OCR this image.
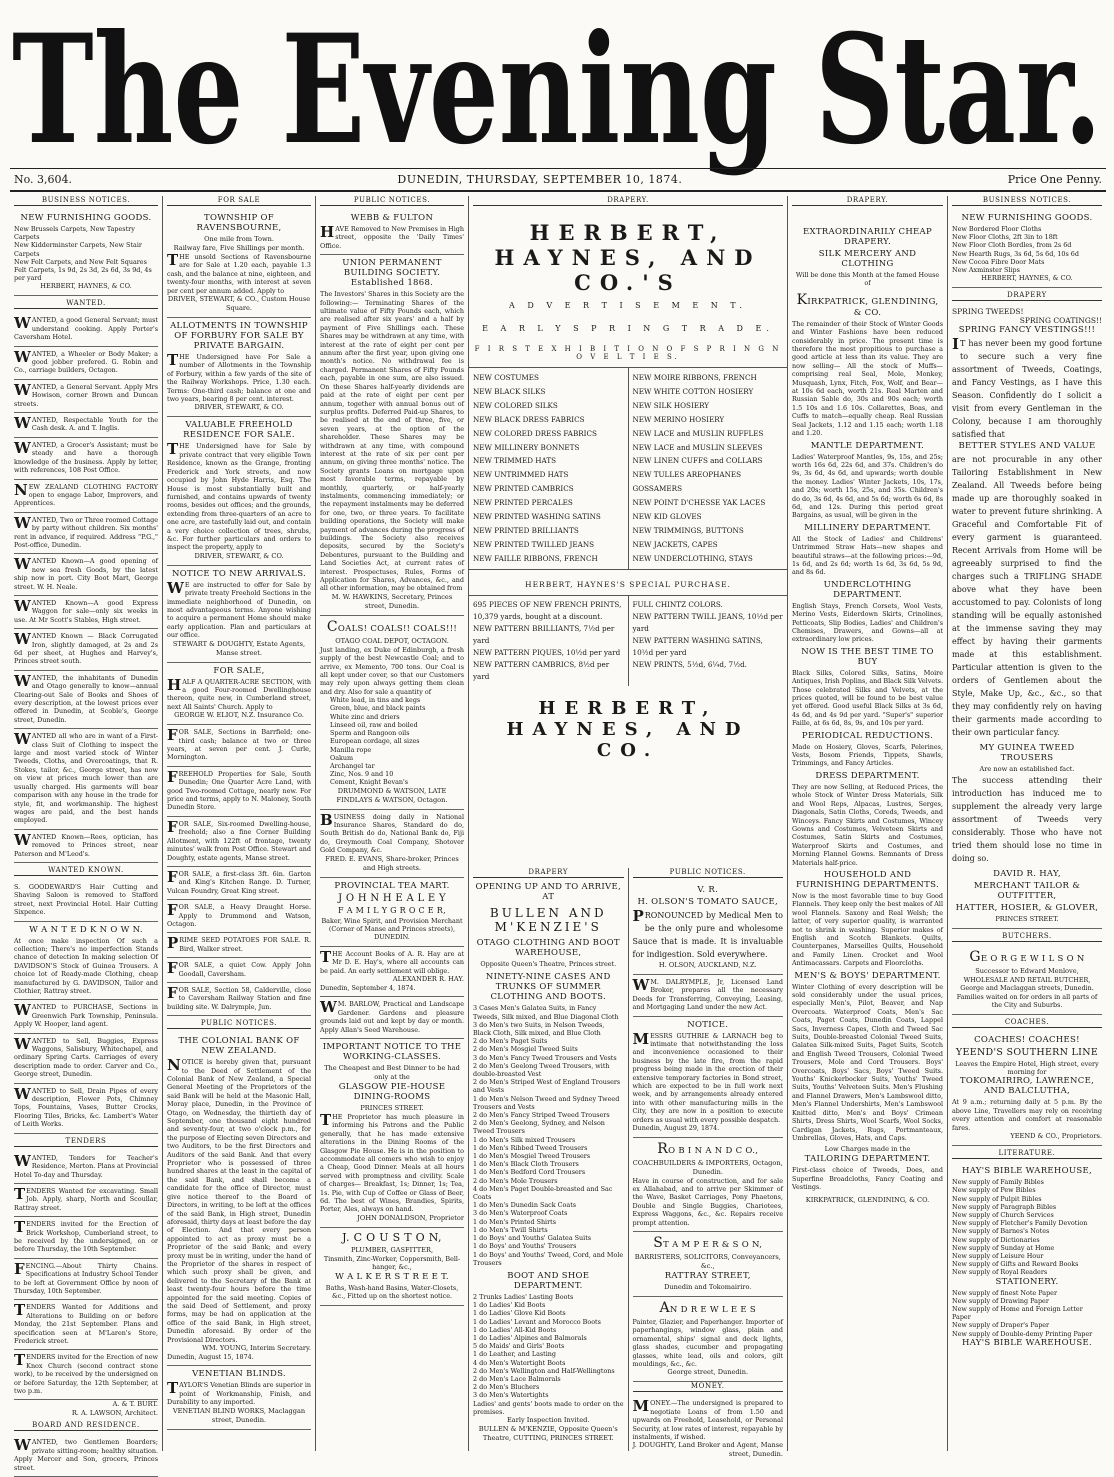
The Evening Star.
No. 3,604.	DUNEDIN, THURSDAY, SEPTEMBER 10, 1874.	Price One Penny.
BUSINESS NOTICES.
NEW FURNISHING GOODS.
New Brussels Carpets, New Tapestry Carpets
New Kidderminster Carpets, New Stair Carpets
New Felt Carpets, and New Felt Squares
Felt Carpets, 1s 9d, 2s 3d, 2s 6d, 3s 9d, 4s per yard
HERBERT, HAYNES, & CO.
WANTED.
WANTED, a good General Servant; must understand cooking. Apply Porter's Caversham Hotel.
WANTED, a Wheeler or Body Maker; a good jobber prefered. G. Robin and Co., carriage builders, Octagon.
WANTED, a General Servant. Apply Mrs Howison, corner Brown and Duncan streets.
WANTED, Respectable Youth for the Cash desk. A. and T. Inglis.
WANTED, a Grocer's Assistant; must be steady and have a thorough knowledge of the business. Apply by letter, with references, 108 Post Office.
NEW ZEALAND CLOTHING FACTORY open to engage Labor, Improvers, and Apprentices.
WANTED, Two or Three roomed Cottage by party without children. Six months' rent in advance, if required. Address "P.G.," Post-office, Dunedin.
WANTED Known—A good opening of new sea fresh Goods, by the latest ship now in port. City Boot Mart, George street. W. H. Neale.
WANTED Known—A good Express Waggon for sale—only six weeks in use. At Mr Scott's Stables, High street.
WANTED Known — Black Corrugated Iron, slightly damaged, at 2s and 2s 6d per sheet, at Hughes and Harvey's, Princes street south.
WANTED, the inhabitants of Dunedin and Otago generally to know—annual Clearing-out Sale of Books and Shoes of every description, at the lowest prices ever offered in Dunedin, at Scoble's, George street, Dunedin.
WANTED all who are in want of a First-class Suit of Clothing to inspect the large and most varied stock of Winter Tweeds, Cloths, and Overcoatings, that R. Stokes, tailor, &c., George street, has now on view at prices much lower than are usually charged. His garments will bear comparison with any house in the trade for style, fit, and workmanship. The highest wages are paid, and the best hands employed.
WANTED Known—Rees, optician, has removed to Princes street, near Paterson and M'Leod's.
WANTED KNOWN.
S. GOODEWARD'S Hair Cutting and Shaving Saloon is removed to Stafford street, next Provincial Hotel. Hair Cutting Sixpence.
W A N T E D K N O W N.
At once make inspection Of such a collection; There's no imperfection Stands chance of detection In making selection Of DAVIDSON'S Stock of Guinea Trousers. A choice lot of Ready-made Clothing, cheap manufactured by G. DAVIDSON, Tailor and Clothier, Rattray street.
WANTED to PURCHASE, Sections in Greenwich Park Township, Peninsula. Apply W. Hooper, land agent.
WANTED to Sell, Buggies, Express Waggons, Salisbury, Whitechapel, and ordinary Spring Carts. Carriages of every description made to order. Carver and Co., George street, Dunedin.
WANTED to Sell, Drain Pipes of every description, Flower Pots, Chimney Tops, Fountains, Vases, Butter Crocks, Flooring Tiles, Bricks, &c. Lambert's Water of Leith Works.
TENDERS
WANTED, Tenders for Teacher's Residence, Merton. Plans at Provincial Hotel To-day and Thursday.
TENDERS Wanted for excavating. Small Job. Apply, sharp, North and Scoullar, Rattray street.
TENDERS invited for the Erection of Brick Workshop, Cumberland street, to be received by the undersigned, on or before Thursday, the 10th September.
FENCING.—About Thirty Chains. Specifications at Industry School Tender to be left at Government Office by noon of Thursday, 10th September.
TENDERS Wanted for Additions and Alterations to Building on or before Monday, the 21st September. Plans and specification seen at M'Laren's Store, Frederick street.
TENDERS invited for the Erection of new Knox Church (second contract stone work), to be received by the undersigned on or before Saturday, the 12th September, at two p.m.
A. & T. BURT.
R. A. LAWSON, Architect.
BOARD AND RESIDENCE.
WANTED, two Gentlemen Boarders; private sitting-room; healthy situation. Apply Mercer and Son, grocers, Princes street.
FOR SALE
TOWNSHIP OF RAVENSBOURNE,
One mile from Town.
Railway fare, Five Shillings per month.
THE unsold Sections of Ravensbourne are for Sale at 1.20 each, payable 1.3 cash, and the balance at nine, eighteen, and twenty-four months, with interest at seven per cent per annum added. Apply to
DRIVER, STEWART, & CO., Custom House Square.
ALLOTMENTS IN TOWNSHIP OF FORBURY FOR SALE BY PRIVATE BARGAIN.
THE Undersigned have For Sale a number of Allotments in the Township of Forbury, within a few yards of the site of the Railway Workshops. Price, 1.30 each. Terms: One-third cash; balance at one and two years, bearing 8 per cent. interest.
DRIVER, STEWART, & CO.
VALUABLE FREEHOLD RESIDENCE FOR SALE.
THE Undersigned have for Sale by private contract that very eligible Town Residence, known as the Grange, fronting Frederick and York streets, and now occupied by John Hyde Harris, Esq. The House is most substantially built and furnished, and contains upwards of twenty rooms, besides out offices; and the grounds, extending from three-quarters of an acre to one acre, are tastefully laid out, and contain a very choice collection of trees, shrubs, &c. For further particulars and orders to inspect the property, apply to
DRIVER, STEWART, & CO.
NOTICE TO NEW ARRIVALS.
W E are instructed to offer for Sale by private treaty Freehold Sections in the immediate neighborhood of Dunedin, on most advantageous terms. Anyone wishing to acquire a permanent Home should make early application. Plan and particulars at our office.
STEWART & DOUGHTY, Estate Agents, Manse street.
FOR SALE,
HALF A QUARTER-ACRE SECTION, with a good Four-roomed Dwellinghouse thereon, quite new, in Cumberland street, next All Saints' Church. Apply to
GEORGE W. ELIOT, N.Z. Insurance Co.
FOR SALE, Sections in Barrfield; one-third cash; balance at two or three years, at seven per cent. J. Curle, Mornington.
FREEHOLD Properties for Sale, South Dunedin; One Quarter Acre Land, with good Two-roomed Cottage, nearly new. For price and terms, apply to N. Maloney, South Dunedin Store.
FOR SALE, Six-roomed Dwelling-house, freehold; also a fine Corner Building Allotment, with 122ft of frontage, twenty minutes' walk from Post Office. Stewart and Doughty, estate agents, Manse street.
FOR SALE, a first-class 3ft. 6in. Garton and King's Kitchen Range. D. Turner, Vulcan Foundry, Great King street.
FOR SALE, a Heavy Draught Horse. Apply to Drummond and Watson, Octagon.
PRIME SEED POTATOES FOR SALE. R. Bird, Walker street.
FOR SALE, a quiet Cow. Apply John Goodall, Caversham.
FOR SALE, Section 58, Calderville, close to Caversham Railway Station and fine building site. W. Dalrymple, Jun.
PUBLIC NOTICES.
THE COLONIAL BANK OF NEW ZEALAND.
NOTICE is hereby given that, pursuant to the Deed of Settlement of the Colonial Bank of New Zealand, a Special General Meeting of the Proprietors of the said Bank will be held at the Masonic Hall, Moray place, Dunedin, in the Province of Otago, on Wednesday, the thirtieth day of September, one thousand eight hundred and seventy-four, at two o'clock p.m., for the purpose of Electing seven Directors and two Auditors, to be the first Directors and Auditors of the said Bank. And that every Proprietor who is possessed of three hundred shares at the least in the capital of the said Bank, and shall become a candidate for the office of Director, must give notice thereof to the Board of Directors, in writing, to be left at the offices of the said Bank, in High street, Dunedin aforesaid, thirty days at least before the day of Election. And that every person appointed to act as proxy must be a Proprietor of the said Bank; and every proxy must be in writing, under the hand of the Proprietor of the shares in respect of which such proxy shall be given, and delivered to the Secretary of the Bank at least twenty-four hours before the time appointed for the said meeting. Copies of the said Deed of Settlement, and proxy forms, may be had on application at the office of the said Bank, in High street, Dunedin aforesaid. By order of the Provisional Directors.
WM. YOUNG, Interim Secretary.
Dunedin, August 15, 1874.
VENETIAN BLINDS.
TAYLOR'S Venetian Blinds are superior in point of Workmanship, Finish, and Durability to any imported.
VENETIAN BLIND WORKS, Maclaggan street, Dunedin.
PUBLIC NOTICES.
WEBB & FULTON
HAVE Removed to New Premises in High street, opposite the 'Daily Times' Office.
UNION PERMANENT BUILDING SOCIETY. Established 1868.
The Investors' Shares in this Society are the following:— Terminating Shares of the ultimate value of Fifty Pounds each, which are realised after six years' and a half by payment of Five Shillings each. These Shares may be withdrawn at any time, with interest at the rate of eight per cent per annum after the first year, upon giving one month's notice. No withdrawal fee is charged. Permanent Shares of Fifty Pounds each, payable in one sum, are also issued. On these Shares half-yearly dividends are paid at the rate of eight per cent per annum, together with annual bonus out of surplus profits. Deferred Paid-up Shares, to be realised at the end of three, five, or seven years, at the option of the shareholder. These Shares may be withdrawn at any time, with compound interest at the rate of six per cent per annum, on giving three months' notice. The Society grants Loans on mortgage upon most favorable terms, repayable by monthly, quarterly, or half-yearly instalments, commencing immediately; or the repayment instalments may be deferred for one, two, or three years. To facilitate building operations, the Society will make payment of advances during the progress of buildings. The Society also receives deposits, secured by the Society's Debentures, pursuant to the Building and Land Societies Act, at current rates of interest. Prospectuses, Rules, Forms of Application for Shares, Advances, &c., and all other information, may be obtained from
M. W. HAWKINS, Secretary, Princes street, Dunedin.
COALS! COALS!! COALS!!!
OTAGO COAL DEPOT, OCTAGON.
Just landing, ex Duke of Edinburgh, a fresh supply of the best Newcastle Coal; and to arrive, ex Memento, 700 tons. Our Coal is all kept under cover, so that our Customers may rely upon always getting them clean and dry. Also for sale a quantity of
White lead, in tins and kegs
Green, blue, and black paints
White zinc and driers
Linseed oil, raw and boiled
Sperm and Rangoon oils
European cordage, all sizes
Manilla rope
Oakum
Archangel tar
Zinc, Nos. 9 and 10
Cement, Knight Bevan's
DRUMMOND & WATSON, LATE FINDLAYS & WATSON, Octagon.
BUSINESS doing daily in National Insurance Shares, Standard do do, South British do do, National Bank do, Fiji do, Greymouth Coal Company, Shotover Gold Company, &c.
FRED. E. EVANS, Share-broker, Princes and High streets.
PROVINCIAL TEA MART.
J O H N H E A L E Y
F A M I L Y G R O C E R,
Baker, Wine Spirit, and Provision Merchant (Corner of Manse and Princes streets), DUNEDIN.
THE Account Books of A. R. Hay are at Mr D. E. Hay's, where all accounts can be paid. An early settlement will oblige.
ALEXANDER R. HAY.
Dunedin, September 4, 1874.
W M. BARLOW, Practical and Landscape Gardener. Gardens and pleasure grounds laid out and kept by day or month. Apply Allan's Seed Warehouse.
IMPORTANT NOTICE TO THE WORKING-CLASSES.
The Cheapest and Best Dinner to be had only at the
GLASGOW PIE-HOUSE DINING-ROOMS
PRINCES STREET.
THE Proprietor has much pleasure in informing his Patrons and the Public generally, that he has made extensive alterations in the Dining Rooms of the Glasgow Pie House. He is in the position to accommodate all comers who wish to enjoy a Cheap, Good Dinner. Meals at all hours served with promptness and civility. Scale of charges— Breakfast, 1s; Dinner, 1s; Tea, 1s. Pie, with Cup of Coffee or Glass of Beer, 6d. The best of Wines, Brandies, Spirits, Porter, Ales, always on hand.
JOHN DONALDSON, Proprietor
J. C O U S T O N,
PLUMBER, GASFITTER,
Tinsmith, Zinc-Worker, Coppersmith, Bell-hanger, &c.,
W A L K E R S T R E E T.
Baths, Wash-hand Basins, Water-Closets, &c., Fitted up on the shortest notice.
DRAPERY.
HERBERT, HAYNES, AND CO.'S
A D V E R T I S E M E N T.
E A R L Y S P R I N G T R A D E.
F I R S T E X H I B I T I O N O F S P R I N G N O V E L T I E S.
NEW COSTUMES
NEW BLACK SILKS
NEW COLORED SILKS
NEW BLACK DRESS FABRICS
NEW COLORED DRESS FABRICS
NEW MILLINERY BONNETS
NEW TRIMMED HATS
NEW UNTRIMMED HATS
NEW PRINTED CAMBRICS
NEW PRINTED PERCALES
NEW PRINTED WASHING SATINS
NEW PRINTED BRILLIANTS
NEW PRINTED TWILLED JEANS
NEW FAILLE RIBBONS, FRENCH
NEW MOIRE RIBBONS, FRENCH
NEW WHITE COTTON HOSIERY
NEW SILK HOSIERY
NEW MERINO HOSIERY
NEW LACE and MUSLIN RUFFLES
NEW LACE and MUSLIN SLEEVES
NEW LINEN CUFFS and COLLARS
NEW TULLES AREOPHANES GOSSAMERS
NEW POINT D'CHESSE YAK LACES
NEW KID GLOVES
NEW TRIMMINGS, BUTTONS
NEW JACKETS, CAPES
NEW UNDERCLOTHING, STAYS
HERBERT, HAYNES'S SPECIAL PURCHASE.
695 PIECES OF NEW FRENCH PRINTS,
10,379 yards, bought at a discount.
NEW PATTERN BRILLIANTS, 7½d per yard
NEW PATTERN PIQUES, 10½d per yard
NEW PATTERN CAMBRICS, 8½d per yard
FULL CHINTZ COLORS.
NEW PATTERN TWILL JEANS, 10½d per yard
NEW PATTERN WASHING SATINS, 10½d per yard
NEW PRINTS, 5½d, 6¼d, 7½d.
HERBERT, HAYNES, AND CO.
DRAPERY
OPENING UP AND TO ARRIVE, AT
BULLEN AND M'KENZIE'S
OTAGO CLOTHING AND BOOT WAREHOUSE,
Opposite Queen's Theatre, Princes street.
NINETY-NINE CASES AND TRUNKS OF SUMMER CLOTHING AND BOOTS.
3 Cases Men's Galatea Suits, in Fancy Tweeds, Silk mixed, and Blue Diagonal Cloth
3 do Men's two Suits, in Nelson Tweeds, Black Cloth, Silk mixed, and Blue Cloth
2 do Men's Paget Suits
2 do Men's Mosgiel Tweed Suits
3 do Men's Fancy Tweed Trousers and Vests
2 do Men's Geelong Tweed Trousers, with double-breasted Vest
2 do Men's Striped West of England Trousers and Vests
1 do Men's Nelson Tweed and Sydney Tweed Trousers and Vests
2 do Men's Fancy Striped Tweed Trousers
2 do Men's Geelong, Sydney, and Nelson Tweed Trousers
1 do Men's Silk mixed Trousers
1 do Men's Ribbed Tweed Trousers
1 do Men's Mosgiel Tweed Trousers
1 do Men's Black Cloth Trousers
1 do Men's Bedford Cord Trousers
2 do Men's Mole Trousers
4 do Men's Paget Double-breasted and Sac Coats
1 do Men's Dunedin Sack Coats
3 do Men's Waterproof Coats
1 do Men's Printed Shirts
1 do Men's Twill Shirts
1 do Boys' and Youths' Galatea Suits
1 do Boys' and Youths' Trousers
1 do Boys' and Youths' Tweed, Cord, and Mole Trousers
BOOT AND SHOE DEPARTMENT.
2 Trunks Ladies' Lasting Boots
1 do Ladies' Kid Boots
1 do Ladies' Glove Kid Boots
1 do Ladies' Levant and Morocco Boots
1 do Ladies' All-Kid Boots
1 do Ladies' Alpines and Balmorals
5 do Maids' and Girls' Boots
1 do Leather, and Lasting
4 do Men's Watertight Boots
2 do Men's Wellington and Half-Wellingtons
2 do Men's Lace Balmorals
2 do Men's Bluchers
3 do Men's Watertights
Ladies' and gents' boots made to order on the premises.
Early Inspection Invited.
BULLEN & M'KENZIE, Opposite Queen's Theatre, CUTTING, PRINCES STREET.
PUBLIC NOTICES.
V. R.
H. OLSON'S TOMATO SAUCE,
PRONOUNCED by Medical Men to be the only pure and wholesome Sauce that is made. It is invaluable for indigestion. Sold everywhere.
H. OLSON, AUCKLAND, N.Z.
W M. DALRYMPLE, Jr, Licensed Land Broker, prepares all the necessary Deeds for Transferring, Conveying, Leasing, and Mortgaging Land under the new Act.
NOTICE.
MESSRS GUTHRIE & LARNACH beg to intimate that notwithstanding the loss and inconvenience occasioned to their business by the late fire, from the rapid progress being made in the erection of their extensive temporary factories in Bond street, which are expected to be in full work next week, and by arrangements already entered into with other manufacturing mills in the City, they are now in a position to execute orders as usual with every possible despatch.
Dunedin, August 29, 1874.
RO B I N A N D C O.,
COACHBUILDERS & IMPORTERS, Octagon, Dunedin.
Have in course of construction, and for sale ex Allahabad, and to arrive per Skimmer of the Wave, Basket Carriages, Pony Phaetons, Double and Single Buggies, Chariotees, Express Waggons, &c., &c. Repairs receive prompt attention.
ST A M P E R & S O N,
BARRISTERS, SOLICITORS, Conveyancers, &c.,
RATTRAY STREET,
Dunedin and Tokomairiro.
AN D R E W L E E S
Painter, Glazier, and Paperhanger. Importer of paperhangings, window glass, plain and ornamental, ships' signal and deck lights, glass shades, cucumber and propagating glasses, white lead, oils and colors, gilt mouldings, &c., &c.
George street, Dunedin.
MONEY.
MONEY.—The undersigned is prepared to negotiate Loans of from 1.50 and upwards on Freehold, Leasehold, or Personal Security, at low rates of interest, repayable by instalments, if wished.
J. DOUGHTY, Land Broker and Agent, Manse street, Dunedin.
DRAPERY.
EXTRAORDINARILY CHEAP DRAPERY.
SILK MERCERY AND CLOTHING
Will be done this Month at the famed House of
KIRKPATRICK, GLENDINING, & CO.
The remainder of their Stock of Winter Goods and Winter Fashions have been reduced considerably in price. The present time is therefore the most propitious to purchase a good article at less than its value. They are now selling— All the stock of Muffs—comprising real Seal, Mole, Monkey, Musquash, Lynx, Fitch, Fox, Wolf, and Bear—at 10s 6d each, worth 21s. Real Marten and Russian Sable do, 30s and 90s each; worth 1.5 10s and 1.6 10s. Collarettes, Boas, and Cuffs to match—equally cheap. Real Russian Seal Jackets, 1.12 and 1.15 each; worth 1.18 and 1.20.
MANTLE DEPARTMENT.
Ladies' Waterproof Mantles, 9s, 15s, and 25s; worth 16s 6d, 22s 6d, and 37s. Children's do 9s, 3s 6d, 4s 6d, and upwards; worth double the money. Ladies' Winter Jackets, 10s, 17s, and 20s; worth 15s, 25s, and 35s. Children's do do, 3s 6d, 4s 6d, and 5s 6d; worth 6s 6d, 8s 6d, and 12s. During this period great Bargains, as usual, will be given in the
MILLINERY DEPARTMENT.
All the Stock of Ladies' and Childrens' Untrimmed Straw Hats—new shapes and beautiful straws—at the following prices:—9d, 1s 6d, and 2s 6d; worth 1s 6d, 3s 6d, 5s 9d, and 8s 6d.
UNDERCLOTHING DEPARTMENT.
English Stays, French Corsets, Wool Vests, Merino Vests, Eiderdown Skirts, Crinolines, Petticoats, Slip Bodies, Ladies' and Children's Chemises, Drawers, and Gowns—all at extraordinary low prices.
NOW IS THE BEST TIME TO BUY
Black Silks, Colored Silks, Satins, Moire Antiques, Irish Poplins, and Black Silk Velvets. Those celebrated Silks and Velvets, at the prices quoted, will be found to be best value yet offered. Good useful Black Silks at 3s 6d, 4s 6d, and 4s 9d per yard. "Super's" superior Faille, at 6s 6d, 8s, 9s, and 10s per yard.
PERIODICAL REDUCTIONS.
Made on Hosiery, Gloves, Scarfs, Pelerines, Vests, Bosom Friends, Tippets, Shawls, Trimmings, and Fancy Articles.
DRESS DEPARTMENT.
They are now Selling, at Reduced Prices, the whole Stock of Winter Dress Materials, Silk and Wool Reps, Alpacas, Lustres, Serges, Diagonals, Satin Cloths, Coreds, Tweeds, and Winceys. Fancy Skirts and Costumes, Wincey Gowns and Costumes, Velveteen Skirts and Costumes, Satin Skirts and Costumes, Waterproof Skirts and Costumes, and Morning Flannel Gowns. Remnants of Dress Materials half-price.
HOUSEHOLD AND FURNISHING DEPARTMENTS.
Now is the most favorable time to buy Good Flannels. They keep only the best makes of All wool Flannels. Saxony and Real Welsh; the latter, of very superior quality, is warranted not to shrink in washing. Superior makes of English and Scotch Blankets. Quilts, Counterpanes, Marseilles Quilts, Household and Family Linen. Crocket and Wool Antimacassars. Carpets and Floorcloths.
MEN'S & BOYS' DEPARTMENT.
Winter Clothing of every description will be sold considerably under the usual prices, especially Men's, Pilot, Beaver, and Nap Overcoats. Waterproof Coats, Men's Sac Coats, Paget Coats, Dunedin Coats, Lappel Sacs, Inverness Capes, Cloth and Tweed Sac Suits, Double-breasted Colonial Tweed Suits, Galatea Silk-mixed Suits, Paget Suits, Scotch and English Tweed Trousers, Colonial Tweed Trousers, Mole and Cord Trousers. Boys' Overcoats, Boys' Sacs, Boys' Tweed Suits. Youths' Knickerbocker Suits, Youths' Tweed Suits, Youths' Velveteen Suits. Men's Flushing and Flannel Drawers, Men's Lambswool ditto, Men's Flannel Undershirts, Men's Lambswool Knitted ditto, Men's and Boys' Crimean Shirts, Dress Shirts, Wool Scarfs, Wool Socks, Cardigan Jackets, Rugs, Portmanteaux, Umbrellas, Gloves, Hats, and Caps.
Low Charges made in the
TAILORING DEPARTMENT.
First-class choice of Tweeds, Does, and Superfine Broadcloths, Fancy Coating and Vestings.
KIRKPATRICK, GLENDINING, & CO.
BUSINESS NOTICES.
NEW FURNISHING GOODS.
New Bordered Floor Cloths
New Floor Cloths, 2ft 3in to 18ft
New Floor Cloth Bordles, from 2s 6d
New Hearth Rugs, 3s 6d, 5s 6d, 10s 6d
New Cocoa Fibre Door Mats
New Axminster Slips
HERBERT, HAYNES, & CO.
DRAPERY
SPRING TWEEDS!
SPRING COATINGS!!
SPRING FANCY VESTINGS!!!
I T has never been my good fortune to secure such a very fine assortment of Tweeds, Coatings, and Fancy Vestings, as I have this Season. Confidently do I solicit a visit from every Gentleman in the Colony, because I am thoroughly satisfied that
BETTER STYLES AND VALUE
are not procurable in any other Tailoring Establishment in New Zealand. All Tweeds before being made up are thoroughly soaked in water to prevent future shrinking. A Graceful and Comfortable Fit of every garment is guaranteed. Recent Arrivals from Home will be agreeably surprised to find the charges such a TRIFLING SHADE above what they have been accustomed to pay. Colonists of long standing will be equally astonished at the immense saving they may effect by having their garments made at this establishment. Particular attention is given to the orders of Gentlemen about the Style, Make Up, &c., &c., so that they may confidently rely on having their garments made according to their own particular fancy.
MY GUINEA TWEED TROUSERS
Are now an established fact.
The success attending their introduction has induced me to supplement the already very large assortment of Tweeds very considerably. Those who have not tried them should lose no time in doing so.
DAVID R. HAY,
MERCHANT TAILOR & OUTFITTER,
HATTER, HOSIER, & GLOVER,
PRINCES STREET.
BUTCHERS.
GE O R G E W I L S O N
Successor to Edward Menlove,
WHOLESALE AND RETAIL BUTCHER, George and Maclaggan streets, Dunedin. Families waited on for orders in all parts of the City and Suburbs.
COACHES.
COACHES! COACHES!
YEEND'S SOUTHERN LINE
Leaves the Empire Hotel, High street, every morning for
TOKOMAIRIRO, LAWRENCE, AND BALCLUTHA,
At 9 a.m.; returning daily at 5 p.m. By the above Line, Travellers may rely on receiving every attention and comfort at reasonable fares.
YEEND & CO., Proprietors.
LITERATURE.
HAY'S BIBLE WAREHOUSE,
New supply of Family Bibles
New supply of Pew Bibles
New supply of Pulpit Bibles
New supply of Paragraph Bibles
New supply of Church Services
New supply of Fletcher's Family Devotion
New supply of Barnes's Notes
New supply of Dictionaries
New supply of Sunday at Home
New supply of Leisure Hour
New supply of Gifts and Reward Books
New supply of Royal Readers
STATIONERY.
New supply of finest Note Paper
New supply of Drawing Paper
New supply of Home and Foreign Letter Paper
New supply of Draper's Paper
New supply of Double-demy Printing Paper
HAY'S BIBLE WAREHOUSE.
